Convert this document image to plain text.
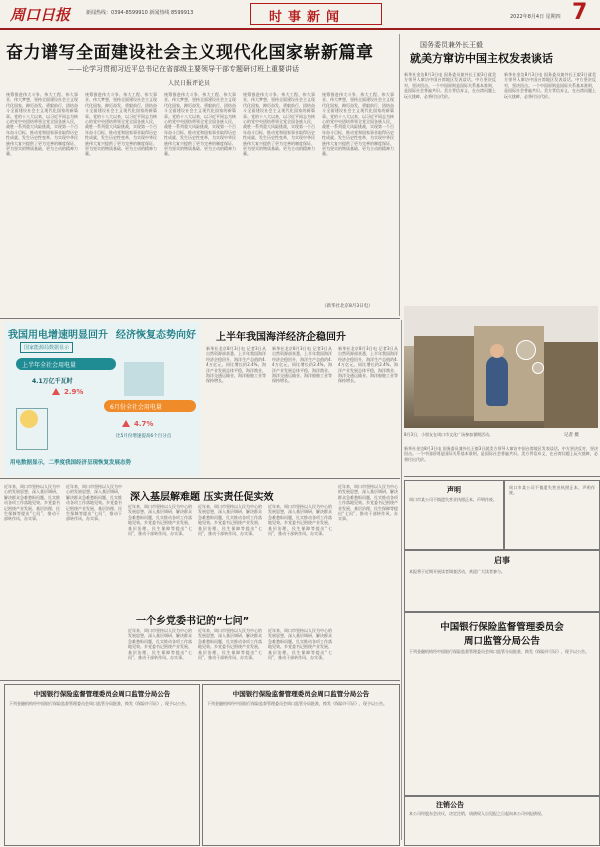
周口日报	新闻热线：0394-8599910 新闻热线 8599913	时事新闻	2022年8月4日 星期四 7
奋力谱写全面建设社会主义现代化国家崭新篇章
——论学习贯彻习近平总书记在省部级主要领导干部专题研讨班上重要讲话
人民日报评论员
统筹推进伟大斗争、伟大工程、伟大事业、伟大梦想，坚持全面建设社会主义现代化国家，踔厉奋发、勇毅前行，团结奋斗全面建设社会主义现代化国家的新篇章。党的十八大以来，以习近平同志为核心的党中央团结带领全党全国各族人民，战胜一系列重大风险挑战，实现第一个百年奋斗目标，推动党和国家事业取得历史性成就、发生历史性变革，为实现中华民族伟大复兴提供了更为完善的制度保证、更为坚实的物质基础、更为主动的精神力量。
统筹推进伟大斗争、伟大工程、伟大事业、伟大梦想，坚持全面建设社会主义现代化国家，踔厉奋发、勇毅前行，团结奋斗全面建设社会主义现代化国家的新篇章。党的十八大以来，以习近平同志为核心的党中央团结带领全党全国各族人民，战胜一系列重大风险挑战，实现第一个百年奋斗目标，推动党和国家事业取得历史性成就、发生历史性变革，为实现中华民族伟大复兴提供了更为完善的制度保证、更为坚实的物质基础、更为主动的精神力量。
统筹推进伟大斗争、伟大工程、伟大事业、伟大梦想，坚持全面建设社会主义现代化国家，踔厉奋发、勇毅前行，团结奋斗全面建设社会主义现代化国家的新篇章。党的十八大以来，以习近平同志为核心的党中央团结带领全党全国各族人民，战胜一系列重大风险挑战，实现第一个百年奋斗目标，推动党和国家事业取得历史性成就、发生历史性变革，为实现中华民族伟大复兴提供了更为完善的制度保证、更为坚实的物质基础、更为主动的精神力量。
统筹推进伟大斗争、伟大工程、伟大事业、伟大梦想，坚持全面建设社会主义现代化国家，踔厉奋发、勇毅前行，团结奋斗全面建设社会主义现代化国家的新篇章。党的十八大以来，以习近平同志为核心的党中央团结带领全党全国各族人民，战胜一系列重大风险挑战，实现第一个百年奋斗目标，推动党和国家事业取得历史性成就、发生历史性变革，为实现中华民族伟大复兴提供了更为完善的制度保证、更为坚实的物质基础、更为主动的精神力量。
统筹推进伟大斗争、伟大工程、伟大事业、伟大梦想，坚持全面建设社会主义现代化国家，踔厉奋发、勇毅前行，团结奋斗全面建设社会主义现代化国家的新篇章。党的十八大以来，以习近平同志为核心的党中央团结带领全党全国各族人民，战胜一系列重大风险挑战，实现第一个百年奋斗目标，推动党和国家事业取得历史性成就、发生历史性变革，为实现中华民族伟大复兴提供了更为完善的制度保证、更为坚实的物质基础、更为主动的精神力量。
（新华社北京8月3日电）
国务委员兼外长王毅
就美方窜访中国主权发表谈话
新华社金边8月3日电 国务委员兼外长王毅3日就美方领导人窜访中国台湾地区发表谈话。中方坚决反对，坚决回击。一个中国原则是国际关系基本准则，是国际社会普遍共识。美方背信弃义，在台湾问题上玩火挑衅，必将付出代价。
新华社金边8月3日电 国务委员兼外长王毅3日就美方领导人窜访中国台湾地区发表谈话。中方坚决反对，坚决回击。一个中国原则是国际关系基本准则，是国际社会普遍共识。美方背信弃义，在台湾问题上玩火挑衅，必将付出代价。
8月3日，小朋友在周口市文化广场参加暑期活动。	记者 摄
新华社金边8月3日电 国务委员兼外长王毅3日就美方领导人窜访中国台湾地区发表谈话。中方坚决反对，坚决回击。一个中国原则是国际关系基本准则，是国际社会普遍共识。美方背信弃义，在台湾问题上玩火挑衅，必将付出代价。
我国用电增速明显回升 经济恢复态势向好
国家能源局数据显示
上半年全社会用电量
4.1万亿千瓦时
2.9%
6月份全社会用电量
4.7%
比5月份增速提高6个百分点
用电数据显示，二季度我国经济呈现恢复发展态势
上半年我国海洋经济企稳回升
新华社北京8月3日电 记者3日从自然资源部获悉，上半年我国海洋经济企稳回升，海洋生产总值约4.4万亿元，同比增长约2.4%。海洋产业发展总体平稳，海洋渔业、海洋交通运输业、海洋船舶工业等保持增长。
新华社北京8月3日电 记者3日从自然资源部获悉，上半年我国海洋经济企稳回升，海洋生产总值约4.4万亿元，同比增长约2.4%。海洋产业发展总体平稳，海洋渔业、海洋交通运输业、海洋船舶工业等保持增长。
新华社北京8月3日电 记者3日从自然资源部获悉，上半年我国海洋经济企稳回升，海洋生产总值约4.4万亿元，同比增长约2.4%。海洋产业发展总体平稳，海洋渔业、海洋交通运输业、海洋船舶工业等保持增长。
近年来，周口市坚持以人民为中心的发展思想，深入基层调研，解决群众急难愁盼问题，扎实推动各项工作落地见效。乡党委书记围绕产业发展、基层治理、民生保障等提出“七问”，推动干部转作风、办实事。
近年来，周口市坚持以人民为中心的发展思想，深入基层调研，解决群众急难愁盼问题，扎实推动各项工作落地见效。乡党委书记围绕产业发展、基层治理、民生保障等提出“七问”，推动干部转作风、办实事。
深入基层解难题 压实责任促实效
近年来，周口市坚持以人民为中心的发展思想，深入基层调研，解决群众急难愁盼问题，扎实推动各项工作落地见效。乡党委书记围绕产业发展、基层治理、民生保障等提出“七问”，推动干部转作风、办实事。
近年来，周口市坚持以人民为中心的发展思想，深入基层调研，解决群众急难愁盼问题，扎实推动各项工作落地见效。乡党委书记围绕产业发展、基层治理、民生保障等提出“七问”，推动干部转作风、办实事。
近年来，周口市坚持以人民为中心的发展思想，深入基层调研，解决群众急难愁盼问题，扎实推动各项工作落地见效。乡党委书记围绕产业发展、基层治理、民生保障等提出“七问”，推动干部转作风、办实事。
近年来，周口市坚持以人民为中心的发展思想，深入基层调研，解决群众急难愁盼问题，扎实推动各项工作落地见效。乡党委书记围绕产业发展、基层治理、民生保障等提出“七问”，推动干部转作风、办实事。
一个乡党委书记的“七问”
近年来，周口市坚持以人民为中心的发展思想，深入基层调研，解决群众急难愁盼问题，扎实推动各项工作落地见效。乡党委书记围绕产业发展、基层治理、民生保障等提出“七问”，推动干部转作风、办实事。
近年来，周口市坚持以人民为中心的发展思想，深入基层调研，解决群众急难愁盼问题，扎实推动各项工作落地见效。乡党委书记围绕产业发展、基层治理、民生保障等提出“七问”，推动干部转作风、办实事。
近年来，周口市坚持以人民为中心的发展思想，深入基层调研，解决群众急难愁盼问题，扎实推动各项工作落地见效。乡党委书记围绕产业发展、基层治理、民生保障等提出“七问”，推动干部转作风、办实事。
中国银行保险监督管理委员会周口监管分局公告
下列金融机构经中国银行保险监督管理委员会周口监管分局批准，换发《保险许可证》，现予以公告。
中国银行保险监督管理委员会周口监管分局公告
下列金融机构经中国银行保险监督管理委员会周口监管分局批准，换发《保险许可证》，现予以公告。
声明
周口市某公司不慎遗失营业执照正本，声明作废。
周口市某公司不慎遗失营业执照正本，声明作废。
启事
本报将于近期开展读者调查活动，欢迎广大读者参与。
中国银行保险监督管理委员会
周口监管分局公告
下列金融机构经中国银行保险监督管理委员会周口监管分局批准，换发《保险许可证》，现予以公告。
注销公告
本公司经股东会决议，决定注销，请债权人自见报之日起向本公司申报债权。
